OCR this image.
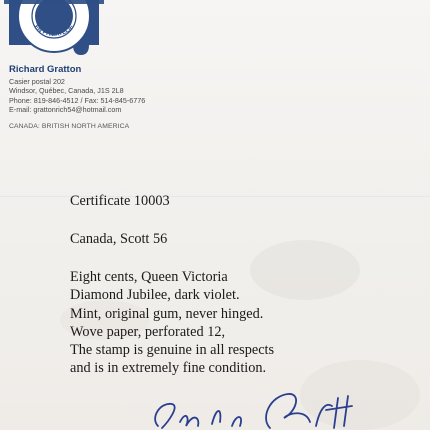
EN PHILATÉLIE
Richard Gratton
Casier postal 202
Windsor, Québec, Canada, J1S 2L8
Phone: 819-846-4512 / Fax: 514-845-6776
E-mail: grattonrich54@hotmail.com
CANADA: BRITISH NORTH AMERICA
Certificate 10003
Canada, Scott 56
Eight cents, Queen Victoria
Diamond Jubilee, dark violet.
Mint, original gum, never hinged.
Wove paper, perforated 12,
The stamp is genuine in all respects
and is in extremely fine condition.
